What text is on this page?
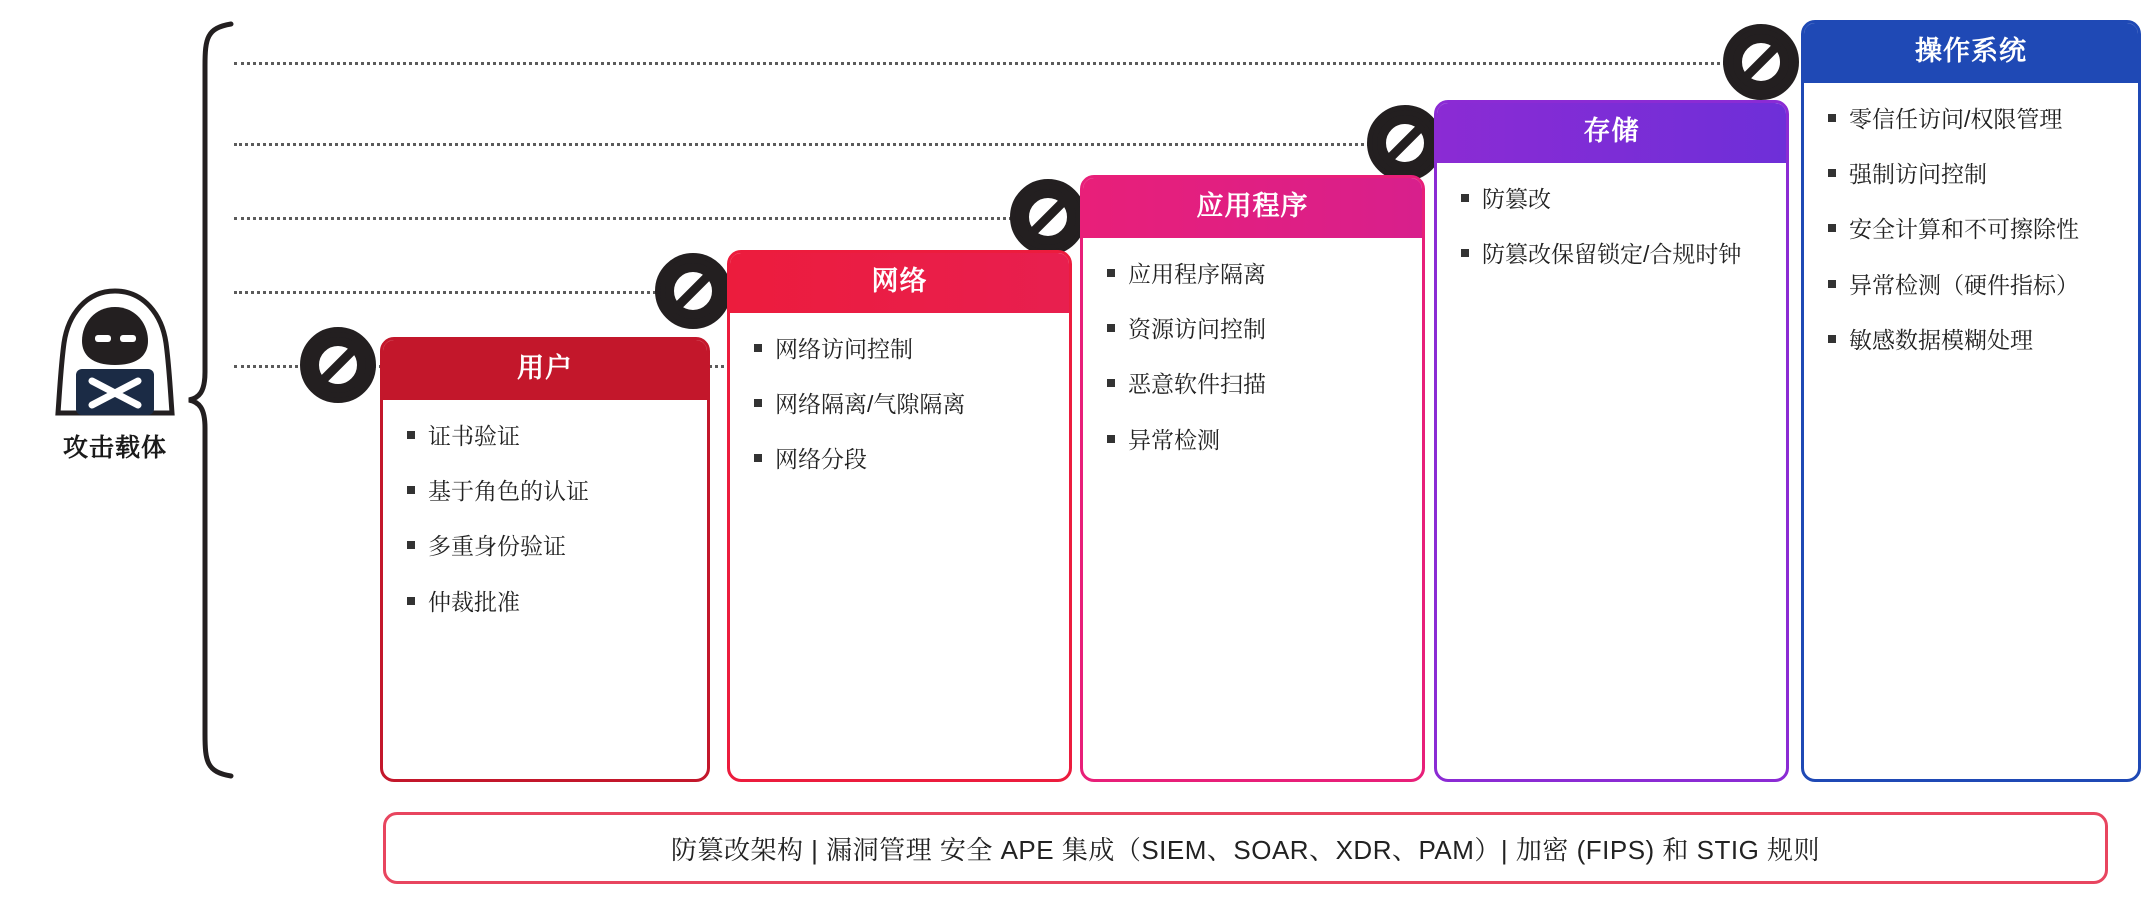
攻击载体
操作系统
零信任访问/权限管理
强制访问控制
安全计算和不可擦除性
异常检测（硬件指标）
敏感数据模糊处理
存储
防篡改
防篡改保留锁定/合规时钟
应用程序
应用程序隔离
资源访问控制
恶意软件扫描
异常检测
网络
网络访问控制
网络隔离/气隙隔离
网络分段
用户
证书验证
基于角色的认证
多重身份验证
仲裁批准
防篡改架构 | 漏洞管理 安全 APE 集成（SIEM、SOAR、XDR、PAM）| 加密 (FIPS) 和 STIG 规则
